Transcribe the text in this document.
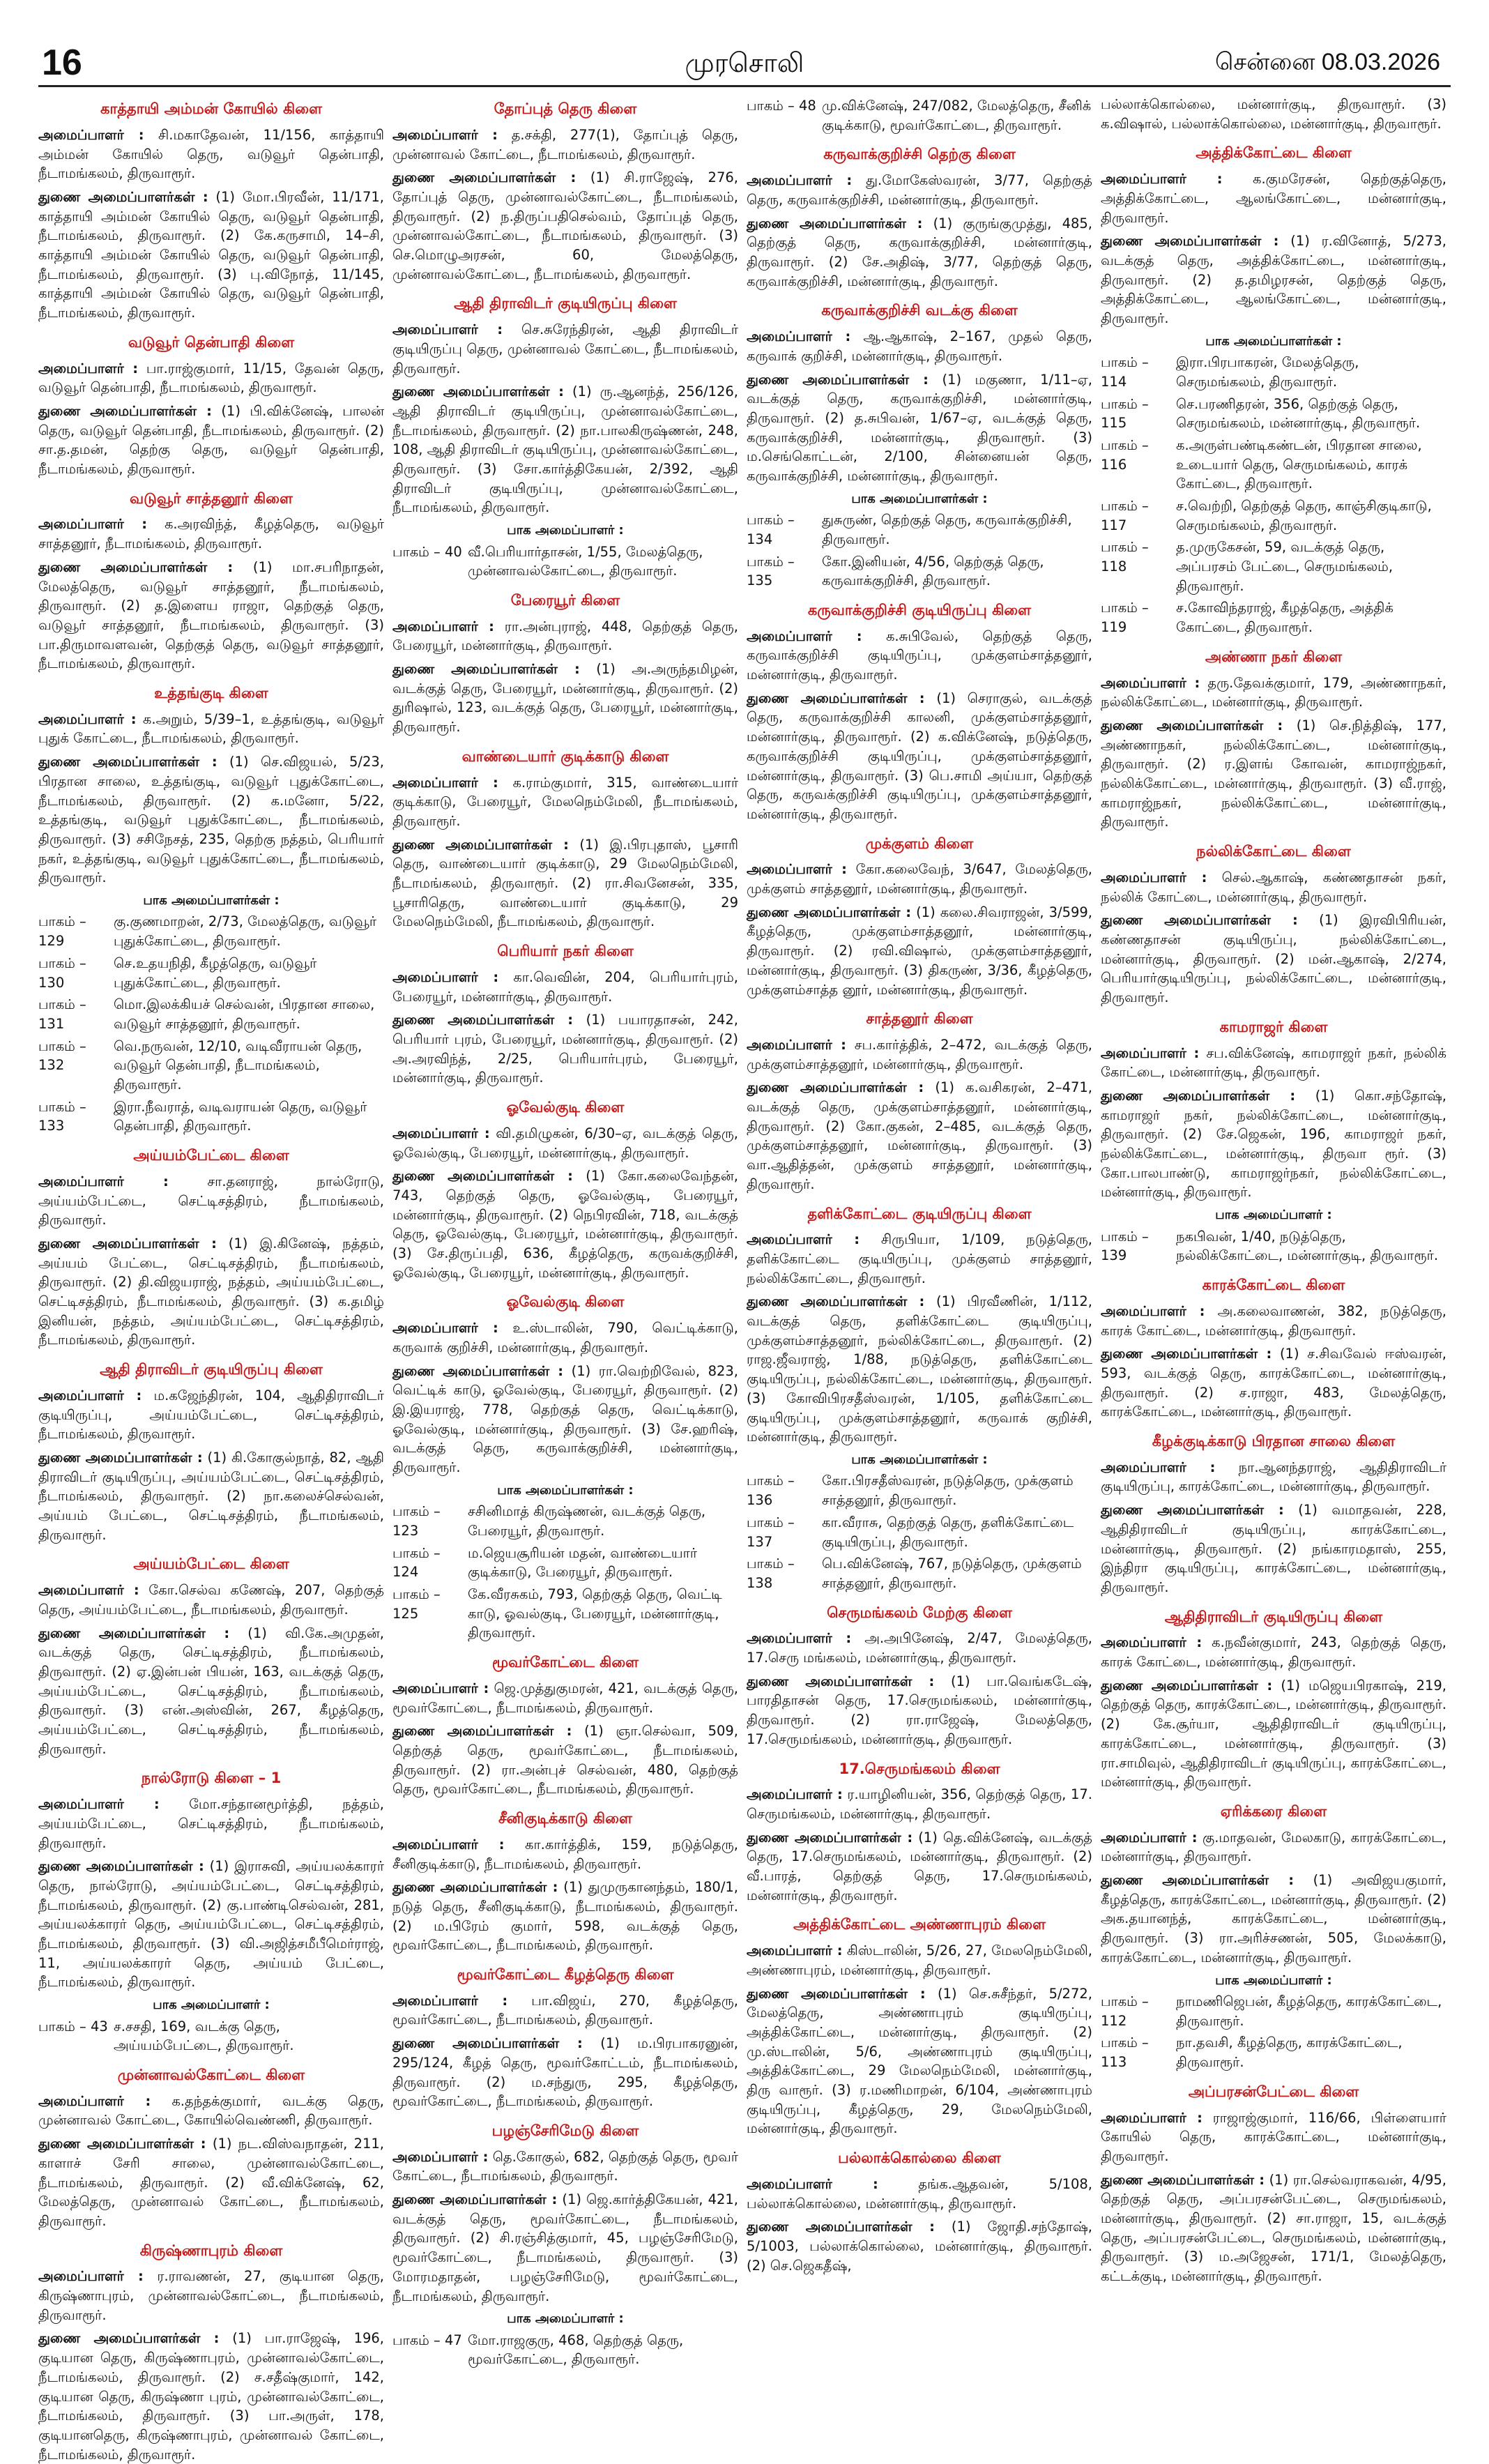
16	முரசொலி	சென்னை 08.03.2026
காத்தாயி அம்மன் கோயில் கிளை
அமைப்பாளர் : சி.மகாதேவன், 11/156, காத்தாயி அம்மன் கோயில் தெரு, வடுவூர் தென்பாதி, நீடாமங்கலம், திருவாரூர்.
துணை அமைப்பாளர்கள் : (1) மோ.பிரவீன், 11/171, காத்தாயி அம்மன் கோயில் தெரு, வடுவூர் தென்பாதி, நீடாமங்கலம், திருவாரூர். (2) கே.கருசாமி, 14–சி, காத்தாயி அம்மன் கோயில் தெரு, வடுவூர் தென்பாதி, நீடாமங்கலம், திருவாரூர். (3) பு.விநோத், 11/145, காத்தாயி அம்மன் கோயில் தெரு, வடுவூர் தென்பாதி, நீடாமங்கலம், திருவாரூர்.
வடுவூர் தென்பாதி கிளை
அமைப்பாளர் : பா.ராஜ்குமார், 11/15, தேவன் தெரு, வடுவூர் தென்பாதி, நீடாமங்கலம், திருவாரூர்.
துணை அமைப்பாளர்கள் : (1) பி.விக்னேஷ், பாலன் தெரு, வடுவூர் தென்பாதி, நீடாமங்கலம், திருவாரூர். (2) சா.த.தமன், தெற்கு தெரு, வடுவூர் தென்பாதி, நீடாமங்கலம், திருவாரூர்.
வடுவூர் சாத்தனூர் கிளை
அமைப்பாளர் : க.அரவிந்த், கீழத்தெரு, வடுவூர் சாத்தனூர், நீடாமங்கலம், திருவாரூர்.
துணை அமைப்பாளர்கள் : (1) மா.சபரிநாதன், மேலத்தெரு, வடுவூர் சாத்தனூர், நீடாமங்கலம், திருவாரூர். (2) த.இளைய ராஜா, தெற்குத் தெரு, வடுவூர் சாத்தனூர், நீடாமங்கலம், திருவாரூர். (3) பா.திருமாவளவன், தெற்குத் தெரு, வடுவூர் சாத்தனூர், நீடாமங்கலம், திருவாரூர்.
உத்தங்குடி கிளை
அமைப்பாளர் : க.அறும், 5/39–1, உத்தங்குடி, வடுவூர் புதுக் கோட்டை, நீடாமங்கலம், திருவாரூர்.
துணை அமைப்பாளர்கள் : (1) செ.விஜயல், 5/23, பிரதான சாலை, உத்தங்குடி, வடுவூர் புதுக்கோட்டை, நீடாமங்கலம், திருவாரூர். (2) க.மனோ, 5/22, உத்தங்குடி, வடுவூர் புதுக்கோட்டை, நீடாமங்கலம், திருவாரூர். (3) சசிநேசத், 235, தெற்கு நத்தம், பெரியார் நகர், உத்தங்குடி, வடுவூர் புதுக்கோட்டை, நீடாமங்கலம், திருவாரூர்.
பாக அமைப்பாளர்கள் :
பாகம் – 129
கு.குணமாறன், 2/73, மேலத்தெரு, வடுவூர் புதுக்கோட்டை, திருவாரூர்.
பாகம் – 130
செ.உதயநிதி, கீழத்தெரு, வடுவூர் புதுக்கோட்டை, திருவாரூர்.
பாகம் – 131
மொ.இலக்கியச் செல்வன், பிரதான சாலை, வடுவூர் சாத்தனூர், திருவாரூர்.
பாகம் – 132
வெ.நருவன், 12/10, வடிவீராயன் தெரு, வடுவூர் தென்பாதி, நீடாமங்கலம், திருவாரூர்.
பாகம் – 133
இரா.நீவராத், வடிவராயன் தெரு, வடுவூர் தென்பாதி, திருவாரூர்.
அய்யம்பேட்டை கிளை
அமைப்பாளர் :	சா.தனராஜ், நால்ரோடு, அய்யம்பேட்டை, செட்டிசத்திரம், நீடாமங்கலம், திருவாரூர்.
துணை அமைப்பாளர்கள் : (1) இ.கினேஷ், நத்தம், அய்யம் பேட்டை, செட்டிசத்திரம், நீடாமங்கலம், திருவாரூர். (2) தி.விஜயராஜ், நத்தம், அய்யம்பேட்டை, செட்டிசத்திரம், நீடாமங்கலம், திருவாரூர். (3) க.தமிழ் இனியன், நத்தம், அய்யம்பேட்டை, செட்டிசத்திரம், நீடாமங்கலம், திருவாரூர்.
ஆதி திராவிடர் குடியிருப்பு கிளை
அமைப்பாளர் : ம.கஜேந்திரன், 104, ஆதிதிராவிடர் குடியிருப்பு, அய்யம்பேட்டை, செட்டிசத்திரம், நீடாமங்கலம், திருவாரூர்.
துணை அமைப்பாளர்கள் : (1) கி.கோகுல்நாத், 82, ஆதி திராவிடர் குடியிருப்பு, அய்யம்பேட்டை, செட்டிசத்திரம், நீடாமங்கலம், திருவாரூர். (2) நா.கலைச்செல்வன், அய்யம் பேட்டை, செட்டிசத்திரம், நீடாமங்கலம், திருவாரூர்.
அய்யம்பேட்டை கிளை
அமைப்பாளர் : கோ.செல்வ கணேஷ், 207, தெற்குத் தெரு, அய்யம்பேட்டை, நீடாமங்கலம், திருவாரூர்.
துணை அமைப்பாளர்கள் : (1) வி.கே.அமுதன், வடக்குத் தெரு, செட்டிசத்திரம், நீடாமங்கலம், திருவாரூர். (2) ஏ.இன்பன் பியன், 163, வடக்குத் தெரு, அய்யம்பேட்டை, செட்டிசத்திரம், நீடாமங்கலம், திருவாரூர். (3) என்.அஸ்வின், 267, கீழத்தெரு, அய்யம்பேட்டை, செட்டிசத்திரம், நீடாமங்கலம், திருவாரூர்.
நால்ரோடு கிளை – 1
அமைப்பாளர் : மோ.சந்தானமூர்த்தி, நத்தம், அய்யம்பேட்டை, செட்டிசத்திரம், நீடாமங்கலம், திருவாரூர்.
துணை அமைப்பாளர்கள் : (1) இராசுவி, அய்யலக்காரர் தெரு, நால்ரோடு, அய்யம்பேட்டை, செட்டிசத்திரம், நீடாமங்கலம், திருவாரூர். (2) கு.பாண்டிசெல்வன், 281, அய்யலக்காரர் தெரு, அய்யம்பேட்டை, செட்டிசத்திரம், நீடாமங்கலம், திருவாரூர். (3) வி.அஜித்சமீபீமெர்ராஜ், 11, அய்யலக்காரர் தெரு, அய்யம் பேட்டை, நீடாமங்கலம், திருவாரூர்.
பாக அமைப்பாளர் :
பாகம் – 43 ச.சசதி, 169, வடக்கு தெரு, அய்யம்பேட்டை, திருவாரூர்.
முன்னாவல்கோட்டை கிளை
அமைப்பாளர் : க.தந்தக்குமார், வடக்கு தெரு, முன்னாவல் கோட்டை, கோயில்வெண்ணி, திருவாரூர்.
துணை அமைப்பாளர்கள் : (1) நட.விஸ்வநாதன், 211, காளாச் சேரி சாலை, முன்னாவல்கோட்டை, நீடாமங்கலம், திருவாரூர். (2) வீ.விக்னேஷ், 62, மேலத்தெரு, முன்னாவல் கோட்டை, நீடாமங்கலம், திருவாரூர்.
கிருஷ்ணாபுரம் கிளை
அமைப்பாளர் : ர.ராவணன், 27, குடியான தெரு, கிருஷ்ணாபுரம், முன்னாவல்கோட்டை, நீடாமங்கலம், திருவாரூர்.
துணை அமைப்பாளர்கள் : (1) பா.ராஜேஷ், 196, குடியான தெரு, கிருஷ்ணாபுரம், முன்னாவல்கோட்டை, நீடாமங்கலம், திருவாரூர். (2) ச.சதீஷ்குமார், 142, குடியான தெரு, கிருஷ்ணா புரம், முன்னாவல்கோட்டை, நீடாமங்கலம், திருவாரூர். (3) பா.அருள், 178, குடியானதெரு, கிருஷ்ணாபுரம், முன்னாவல் கோட்டை, நீடாமங்கலம், திருவாரூர்.
தோப்புத் தெரு கிளை
அமைப்பாளர் : த.சக்தி, 277(1), தோப்புத் தெரு, முன்னாவல் கோட்டை, நீடாமங்கலம், திருவாரூர்.
துணை அமைப்பாளர்கள் : (1) சி.ராஜேஷ், 276, தோப்புத் தெரு, முன்னாவல்கோட்டை, நீடாமங்கலம், திருவாரூர். (2) ந.திருப்பதிசெல்வம், தோப்புத் தெரு, முன்னாவல்கோட்டை, நீடாமங்கலம், திருவாரூர். (3) செ.மொழுஅரசன், 60, மேலத்தெரு, முன்னாவல்கோட்டை, நீடாமங்கலம், திருவாரூர்.
ஆதி திராவிடர் குடியிருப்பு கிளை
அமைப்பாளர் : செ.சுரேந்திரன், ஆதி திராவிடர் குடியிருப்பு தெரு, முன்னாவல் கோட்டை, நீடாமங்கலம், திருவாரூர்.
துணை அமைப்பாளர்கள் : (1) ரு.ஆனந்த், 256/126, ஆதி திராவிடர் குடியிருப்பு, முன்னாவல்கோட்டை, நீடாமங்கலம், திருவாரூர். (2) நா.பாலகிருஷ்ணன், 248, 108, ஆதி திராவிடர் குடியிருப்பு, முன்னாவல்கோட்டை, திருவாரூர். (3) சோ.கார்த்திகேயன், 2/392, ஆதி திராவிடர் குடியிருப்பு, முன்னாவல்கோட்டை, நீடாமங்கலம், திருவாரூர்.
பாக அமைப்பாளர் :
பாகம் – 40 வீ.பெரியார்தாசன், 1/55, மேலத்தெரு, முன்னாவல்கோட்டை, திருவாரூர்.
பேரையூர் கிளை
அமைப்பாளர் : ரா.அன்புராஜ், 448, தெற்குத் தெரு, பேரையூர், மன்னார்குடி, திருவாரூர்.
துணை அமைப்பாளர்கள் : (1) அ.அருந்தமிழன், வடக்குத் தெரு, பேரையூர், மன்னார்குடி, திருவாரூர். (2) துரிஷால், 123, வடக்குத் தெரு, பேரையூர், மன்னார்குடி, திருவாரூர்.
வாண்டையார் குடிக்காடு கிளை
அமைப்பாளர் : க.ராம்குமார், 315, வாண்டையார் குடிக்காடு, பேரையூர், மேலநெம்மேலி, நீடாமங்கலம், திருவாரூர்.
துணை அமைப்பாளர்கள் : (1) இ.பிரபுதாஸ், பூசாரி தெரு, வாண்டையார் குடிக்காடு, 29 மேலநெம்மேலி, நீடாமங்கலம், திருவாரூர். (2) ரா.சிவனேசன், 335, பூசாரிதெரு, வாண்டையார் குடிக்காடு, 29 மேலநெம்மேலி, நீடாமங்கலம், திருவாரூர்.
பெரியார் நகர் கிளை
அமைப்பாளர் : கா.வெவின், 204, பெரியார்புரம், பேரையூர், மன்னார்குடி, திருவாரூர்.
துணை அமைப்பாளர்கள் : (1) பயாரதாசன், 242, பெரியார் புரம், பேரையூர், மன்னார்குடி, திருவாரூர். (2) அ.அரவிந்த், 2/25, பெரியார்புரம், பேரையூர், மன்னார்குடி, திருவாரூர்.
ஓவேல்குடி கிளை
அமைப்பாளர் : வி.தமிழுகன், 6/30–ஏ, வடக்குத் தெரு, ஓவேல்குடி, பேரையூர், மன்னார்குடி, திருவாரூர்.
துணை அமைப்பாளர்கள் : (1) கோ.கலைவேந்தன், 743, தெற்குத் தெரு, ஓவேல்குடி, பேரையூர், மன்னார்குடி, திருவாரூர். (2) நெபிரவின், 718, வடக்குத் தெரு, ஓவேல்குடி, பேரையூர், மன்னார்குடி, திருவாரூர். (3) சே.திருப்பதி, 636, கீழத்தெரு, கருவக்குறிச்சி, ஓவேல்குடி, பேரையூர், மன்னார்குடி, திருவாரூர்.
ஓவேல்குடி கிளை
அமைப்பாளர் : உ.ஸ்டாலின், 790, வெட்டிக்காடு, கருவாக் குறிச்சி, மன்னார்குடி, திருவாரூர்.
துணை அமைப்பாளர்கள் : (1) ரா.வெற்றிவேல், 823, வெட்டிக் காடு, ஓவேல்குடி, பேரையூர், திருவாரூர். (2) இ.இயராஜ், 778, தெற்குத் தெரு, வெட்டிக்காடு, ஓவேல்குடி, மன்னார்குடி, திருவாரூர். (3) சே.ஹரிஷ், வடக்குத் தெரு, கருவாக்குறிச்சி, மன்னார்குடி, திருவாரூர்.
பாக அமைப்பாளர்கள் :
பாகம் – 123
சசினிமாத் கிருஷ்ணன், வடக்குத் தெரு, பேரையூர், திருவாரூர்.
பாகம் – 124
ம.ஜெயசூரியன் மதன், வாண்டையார் குடிக்காடு, பேரையூர், திருவாரூர்.
பாகம் – 125
கே.வீரசுகம், 793, தெற்குத் தெரு, வெட்டி காடு, ஓவல்குடி, பேரையூர், மன்னார்குடி, திருவாரூர்.
மூவர்கோட்டை கிளை
அமைப்பாளர் : ஜெ.முத்துகுமரன், 421, வடக்குத் தெரு, மூவர்கோட்டை, நீடாமங்கலம், திருவாரூர்.
துணை அமைப்பாளர்கள் : (1) ஞா.செல்வா, 509, தெற்குத் தெரு, மூவர்கோட்டை, நீடாமங்கலம், திருவாரூர். (2) ரா.அன்புச் செல்வன், 480, தெற்குத் தெரு, மூவர்கோட்டை, நீடாமங்கலம், திருவாரூர்.
சீனிகுடிக்காடு கிளை
அமைப்பாளர் : கா.கார்த்திக், 159, நடுத்தெரு, சீனிகுடிக்காடு, நீடாமங்கலம், திருவாரூர்.
துணை அமைப்பாளர்கள் : (1) துமுருகானந்தம், 180/1, நடுத் தெரு, சீனிகுடிக்காடு, நீடாமங்கலம், திருவாரூர். (2) ம.பிரேம் குமார், 598, வடக்குத் தெரு, மூவர்கோட்டை, நீடாமங்கலம், திருவாரூர்.
மூவர்கோட்டை கீழத்தெரு கிளை
அமைப்பாளர் : பா.விஜய், 270, கீழத்தெரு, மூவர்கோட்டை, நீடாமங்கலம், திருவாரூர்.
துணை அமைப்பாளர்கள் : (1) ம.பிரபாகரனுன், 295/124, கீழத் தெரு, மூவர்கோட்டம், நீடாமங்கலம், திருவாரூர். (2) ம.சந்துரு, 295, கீழத்தெரு, மூவர்கோட்டை, நீடாமங்கலம், திருவாரூர்.
பழஞ்சேரிமேடு கிளை
அமைப்பாளர் : தெ.கோகுல், 682, தெற்குத் தெரு, மூவர் கோட்டை, நீடாமங்கலம், திருவாரூர்.
துணை அமைப்பாளர்கள் : (1) ஜெ.கார்த்திகேயன், 421, வடக்குத் தெரு, மூவர்கோட்டை, நீடாமங்கலம், திருவாரூர். (2) சி.ரஞ்சித்குமார், 45, பழஞ்சேரிமேடு, மூவர்கோட்டை, நீடாமங்கலம், திருவாரூர். (3) மோரமதாதன், பழஞ்சேரிமேடு, மூவர்கோட்டை, நீடாமங்கலம், திருவாரூர்.
பாக அமைப்பாளர் :
பாகம் – 47 மோ.ராஜகுரு, 468, தெற்குத் தெரு, மூவர்கோட்டை, திருவாரூர்.
பாகம் – 48 மு.விக்னேஷ், 247/082, மேலத்தெரு, சீனிக் குடிக்காடு, மூவர்கோட்டை, திருவாரூர்.
கருவாக்குறிச்சி தெற்கு கிளை
அமைப்பாளர் : து.மோகேஸ்வரன், 3/77, தெற்குத் தெரு, கருவாக்குறிச்சி, மன்னார்குடி, திருவாரூர்.
துணை அமைப்பாளர்கள் : (1) குருங்குமுத்து, 485, தெற்குத் தெரு, கருவாக்குறிச்சி, மன்னார்குடி, திருவாரூர். (2) சே.அதிஷ், 3/77, தெற்குத் தெரு, கருவாக்குறிச்சி, மன்னார்குடி, திருவாரூர்.
கருவாக்குறிச்சி வடக்கு கிளை
அமைப்பாளர் : ஆ.ஆகாஷ், 2–167, முதல் தெரு, கருவாக் குறிச்சி, மன்னார்குடி, திருவாரூர்.
துணை அமைப்பாளர்கள் : (1) மகுணா, 1/11–ஏ, வடக்குத் தெரு, கருவாக்குறிச்சி, மன்னார்குடி, திருவாரூர். (2) த.சுபிவன், 1/67–ஏ, வடக்குத் தெரு, கருவாக்குறிச்சி, மன்னார்குடி, திருவாரூர். (3) ம.செங்கொட்டன், 2/100, சின்னையன் தெரு, கருவாக்குறிச்சி, மன்னார்குடி, திருவாரூர்.
பாக அமைப்பாளர்கள் :
பாகம் – 134
துசுருண், தெற்குத் தெரு, கருவாக்குறிச்சி, திருவாரூர்.
பாகம் – 135
கோ.இனியன், 4/56, தெற்குத் தெரு, கருவாக்குறிச்சி, திருவாரூர்.
கருவாக்குறிச்சி குடியிருப்பு கிளை
அமைப்பாளர் : க.சுபிவேல், தெற்குத் தெரு, கருவாக்குறிச்சி குடியிருப்பு, முக்குளம்சாத்தனூர், மன்னார்குடி, திருவாரூர்.
துணை அமைப்பாளர்கள் : (1) செராகுல், வடக்குத் தெரு, கருவாக்குறிச்சி காலனி, முக்குளம்சாத்தனூர், மன்னார்குடி, திருவாரூர். (2) க.விக்னேஷ், நடுத்தெரு, கருவாக்குறிச்சி குடியிருப்பு, முக்குளம்சாத்தனூர், மன்னார்குடி, திருவாரூர். (3) பெ.சாமி அய்யா, தெற்குத் தெரு, கருவக்குறிச்சி குடியிருப்பு, முக்குளம்சாத்தனூர், மன்னார்குடி, திருவாரூர்.
முக்குளம் கிளை
அமைப்பாளர் : கோ.கலைவேந், 3/647, மேலத்தெரு, முக்குளம் சாத்தனூர், மன்னார்குடி, திருவாரூர்.
துணை அமைப்பாளர்கள் : (1) கலை.சிவராஜன், 3/599, கீழத்தெரு, முக்குளம்சாத்தனூர், மன்னார்குடி, திருவாரூர். (2) ரவி.விஷால், முக்குளம்சாத்தனூர், மன்னார்குடி, திருவாரூர். (3) திகருண், 3/36, கீழத்தெரு, முக்குளம்சாத்த னூர், மன்னார்குடி, திருவாரூர்.
சாத்தனூர் கிளை
அமைப்பாளர் : சப.கார்த்திக், 2–472, வடக்குத் தெரு, முக்குளம்சாத்தனூர், மன்னார்குடி, திருவாரூர்.
துணை அமைப்பாளர்கள் : (1) க.வசிகரன், 2–471, வடக்குத் தெரு, முக்குளம்சாத்தனூர், மன்னார்குடி, திருவாரூர். (2) கோ.குகன், 2–485, வடக்குத் தெரு, முக்குளம்சாத்தனூர், மன்னார்குடி, திருவாரூர். (3) வா.ஆதித்தன், முக்குளம் சாத்தனூர், மன்னார்குடி, திருவாரூர்.
தளிக்கோட்டை குடியிருப்பு கிளை
அமைப்பாளர் : சிருபியா, 1/109, நடுத்தெரு, தளிக்கோட்டை குடியிருப்பு, முக்குளம் சாத்தனூர், நல்லிக்கோட்டை, திருவாரூர்.
துணை அமைப்பாளர்கள் : (1) பிரவீணின், 1/112, வடக்குத் தெரு, தளிக்கோட்டை குடியிருப்பு, முக்குளம்சாத்தனூர், நல்லிக்கோட்டை, திருவாரூர். (2) ராஜ.ஜீவராஜ், 1/88, நடுத்தெரு, தளிக்கோட்டை குடியிருப்பு, நல்லிக்கோட்டை, மன்னார்குடி, திருவாரூர். (3) கோவிபிரசதீஸ்வரன், 1/105, தளிக்கோட்டை குடியிருப்பு, முக்குளம்சாத்தனூர், கருவாக் குறிச்சி, மன்னார்குடி, திருவாரூர்.
பாக அமைப்பாளர்கள் :
பாகம் – 136
கோ.பிரசதீஸ்வரன், நடுத்தெரு, முக்குளம் சாத்தனூர், திருவாரூர்.
பாகம் – 137
கா.வீராசு, தெற்குத் தெரு, தளிக்கோட்டை குடியிருப்பு, திருவாரூர்.
பாகம் – 138
பெ.விக்னேஷ், 767, நடுத்தெரு, முக்குளம் சாத்தனூர், திருவாரூர்.
செருமங்கலம் மேற்கு கிளை
அமைப்பாளர் : அ.அபினேஷ், 2/47, மேலத்தெரு, 17.செரு மங்கலம், மன்னார்குடி, திருவாரூர்.
துணை அமைப்பாளர்கள் : (1) பா.வெங்கடேஷ், பாரதிதாசன் தெரு, 17.செருமங்கலம், மன்னார்குடி, திருவாரூர். (2) ரா.ராஜேஷ், மேலத்தெரு, 17.செருமங்கலம், மன்னார்குடி, திருவாரூர்.
17.செருமங்கலம் கிளை
அமைப்பாளர் : ர.யாழினியன், 356, தெற்குத் தெரு, 17. செருமங்கலம், மன்னார்குடி, திருவாரூர்.
துணை அமைப்பாளர்கள் : (1) தெ.விக்னேஷ், வடக்குத் தெரு, 17.செருமங்கலம், மன்னார்குடி, திருவாரூர். (2) வீ.பாரத், தெற்குத் தெரு, 17.செருமங்கலம், மன்னார்குடி, திருவாரூர்.
அத்திக்கோட்டை அண்ணாபுரம் கிளை
அமைப்பாளர் : கிஸ்டாலின், 5/26, 27, மேலநெம்மேலி, அண்ணாபுரம், மன்னார்குடி, திருவாரூர்.
துணை அமைப்பாளர்கள் : (1) செ.சுசீந்தர், 5/272, மேலத்தெரு, அண்ணாபுரம் குடியிருப்பு, அத்திக்கோட்டை, மன்னார்குடி, திருவாரூர். (2) மு.ஸ்டாலின், 5/6, அண்ணாபுரம் குடியிருப்பு, அத்திக்கோட்டை, 29 மேலநெம்மேலி, மன்னார்குடி, திரு வாரூர். (3) ர.மணிமாறன், 6/104, அண்ணாபுரம் குடியிருப்பு, கீழத்தெரு, 29, மேலநெம்மேலி, மன்னார்குடி, திருவாரூர்.
பல்லாக்கொல்லை கிளை
அமைப்பாளர் :	தங்க.ஆதவன், 5/108, பல்லாக்கொல்லை, மன்னார்குடி, திருவாரூர்.
துணை அமைப்பாளர்கள் : (1) ஜோதி.சந்தோஷ், 5/1003, பல்லாக்கொல்லை, மன்னார்குடி, திருவாரூர். (2) செ.ஜெகதீஷ்,
பல்லாக்கொல்லை, மன்னார்குடி, திருவாரூர். (3) க.விஷால், பல்லாக்கொல்லை, மன்னார்குடி, திருவாரூர்.
அத்திக்கோட்டை கிளை
அமைப்பாளர் : க.குமரேசன், தெற்குத்தெரு, அத்திக்கோட்டை, ஆலங்கோட்டை, மன்னார்குடி, திருவாரூர்.
துணை அமைப்பாளர்கள் : (1) ர.வினோத், 5/273, வடக்குத் தெரு, அத்திக்கோட்டை, மன்னார்குடி, திருவாரூர். (2) த.தமிழரசன், தெற்குத் தெரு, அத்திக்கோட்டை, ஆலங்கோட்டை, மன்னார்குடி, திருவாரூர்.
பாக அமைப்பாளர்கள் :
பாகம் – 114
இரா.பிரபாகரன், மேலத்தெரு, செருமங்கலம், திருவாரூர்.
பாகம் – 115
செ.பரணிதரன், 356, தெற்குத் தெரு, செருமங்கலம், மன்னார்குடி, திருவாரூர்.
பாகம் – 116
க.அருள்பண்டிகண்டன், பிரதான சாலை, உடையார் தெரு, செருமங்கலம், காரக் கோட்டை, திருவாரூர்.
பாகம் – 117
ச.வெற்றி, தெற்குத் தெரு, காஞ்சிகுடிகாடு, செருமங்கலம், திருவாரூர்.
பாகம் – 118
த.முருகேசன், 59, வடக்குத் தெரு, அப்பரசம் பேட்டை, செருமங்கலம், திருவாரூர்.
பாகம் – 119
ச.கோவிந்தராஜ், கீழத்தெரு, அத்திக் கோட்டை, திருவாரூர்.
அண்ணா நகர் கிளை
அமைப்பாளர் : தரு.தேவக்குமார், 179, அண்ணாநகர், நல்லிக்கோட்டை, மன்னார்குடி, திருவாரூர்.
துணை அமைப்பாளர்கள் : (1) செ.நித்திஷ், 177, அண்ணாநகர், நல்லிக்கோட்டை, மன்னார்குடி, திருவாரூர். (2) ர.இளங் கோவன், காமராஜ்நகர், நல்லிக்கோட்டை, மன்னார்குடி, திருவாரூர். (3) வீ.ராஜ், காமராஜ்நகர், நல்லிக்கோட்டை, மன்னார்குடி, திருவாரூர்.
நல்லிக்கோட்டை கிளை
அமைப்பாளர் : செல்.ஆகாஷ், கண்ணதாசன் நகர், நல்லிக் கோட்டை, மன்னார்குடி, திருவாரூர்.
துணை அமைப்பாளர்கள் : (1) இரவிபிரியன், கண்ணதாசன் குடியிருப்பு, நல்லிக்கோட்டை, மன்னார்குடி, திருவாரூர். (2) மன்.ஆகாஷ், 2/274, பெரியார்குடியிருப்பு, நல்லிக்கோட்டை, மன்னார்குடி, திருவாரூர்.
காமராஜர் கிளை
அமைப்பாளர் : சப.விக்னேஷ், காமராஜர் நகர், நல்லிக் கோட்டை, மன்னார்குடி, திருவாரூர்.
துணை அமைப்பாளர்கள் : (1) கொ.சந்தோஷ், காமராஜர் நகர், நல்லிக்கோட்டை, மன்னார்குடி, திருவாரூர். (2) சே.ஜெகன், 196, காமராஜர் நகர், நல்லிக்கோட்டை, மன்னார்குடி, திருவா ரூர். (3) கோ.பாலபாண்டு, காமராஜர்நகர், நல்லிக்கோட்டை, மன்னார்குடி, திருவாரூர்.
பாக அமைப்பாளர் :
பாகம் – 139
நகபிவன், 1/40, நடுத்தெரு, நல்லிக்கோட்டை, மன்னார்குடி, திருவாரூர்.
காரக்கோட்டை கிளை
அமைப்பாளர் : அ.கலைவாணன், 382, நடுத்தெரு, காரக் கோட்டை, மன்னார்குடி, திருவாரூர்.
துணை அமைப்பாளர்கள் : (1) ச.சிவவேல் ஈஸ்வரன், 593, வடக்குத் தெரு, காரக்கோட்டை, மன்னார்குடி, திருவாரூர். (2) ச.ராஜா, 483, மேலத்தெரு, காரக்கோட்டை, மன்னார்குடி, திருவாரூர்.
கீழக்குடிக்காடு பிரதான சாலை கிளை
அமைப்பாளர் : நா.ஆனந்தராஜ், ஆதிதிராவிடர் குடியிருப்பு, காரக்கோட்டை, மன்னார்குடி, திருவாரூர்.
துணை அமைப்பாளர்கள் : (1) வமாதவன், 228, ஆதிதிராவிடர் குடியிருப்பு, காரக்கோட்டை, மன்னார்குடி, திருவாரூர். (2) நங்காரமதாஸ், 255, இந்திரா குடியிருப்பு, காரக்கோட்டை, மன்னார்குடி, திருவாரூர்.
ஆதிதிராவிடர் குடியிருப்பு கிளை
அமைப்பாளர் : க.நவீன்குமார், 243, தெற்குத் தெரு, காரக் கோட்டை, மன்னார்குடி, திருவாரூர்.
துணை அமைப்பாளர்கள் : (1) மஜெயபிரகாஷ், 219, தெற்குத் தெரு, காரக்கோட்டை, மன்னார்குடி, திருவாரூர். (2) கே.சூர்யா, ஆதிதிராவிடர் குடியிருப்பு, காரக்கோட்டை, மன்னார்குடி, திருவாரூர். (3) ரா.சாமிவுல், ஆதிதிராவிடர் குடியிருப்பு, காரக்கோட்டை, மன்னார்குடி, திருவாரூர்.
ஏரிக்கரை கிளை
அமைப்பாளர் : கு.மாதவன், மேலகாடு, காரக்கோட்டை, மன்னார்குடி, திருவாரூர்.
துணை அமைப்பாளர்கள் : (1) அவிஜயகுமார், கீழத்தெரு, காரக்கோட்டை, மன்னார்குடி, திருவாரூர். (2) அக.தயானந்த், காரக்கோட்டை, மன்னார்குடி, திருவாரூர். (3) ரா.அரிச்சணன், 505, மேலக்காடு, காரக்கோட்டை, மன்னார்குடி, திருவாரூர்.
பாக அமைப்பாளர் :
பாகம் – 112
நாமணிஜெபன், கீழத்தெரு, காரக்கோட்டை, திருவாரூர்.
பாகம் – 113
நா.தவசி, கீழத்தெரு, காரக்கோட்டை, திருவாரூர்.
அப்பரசன்பேட்டை கிளை
அமைப்பாளர் : ராஜாஜ்குமார், 116/66, பிள்ளையார் கோயில் தெரு, காரக்கோட்டை, மன்னார்குடி, திருவாரூர்.
துணை அமைப்பாளர்கள் : (1) ரா.செல்வராகவன், 4/95, தெற்குத் தெரு, அப்பரசன்பேட்டை, செருமங்கலம், மன்னார்குடி, திருவாரூர். (2) சா.ராஜா, 15, வடக்குத் தெரு, அப்பரசன்பேட்டை, செருமங்கலம், மன்னார்குடி, திருவாரூர். (3) ம.அஜேசன், 171/1, மேலத்தெரு, கட்டக்குடி, மன்னார்குடி, திருவாரூர்.
